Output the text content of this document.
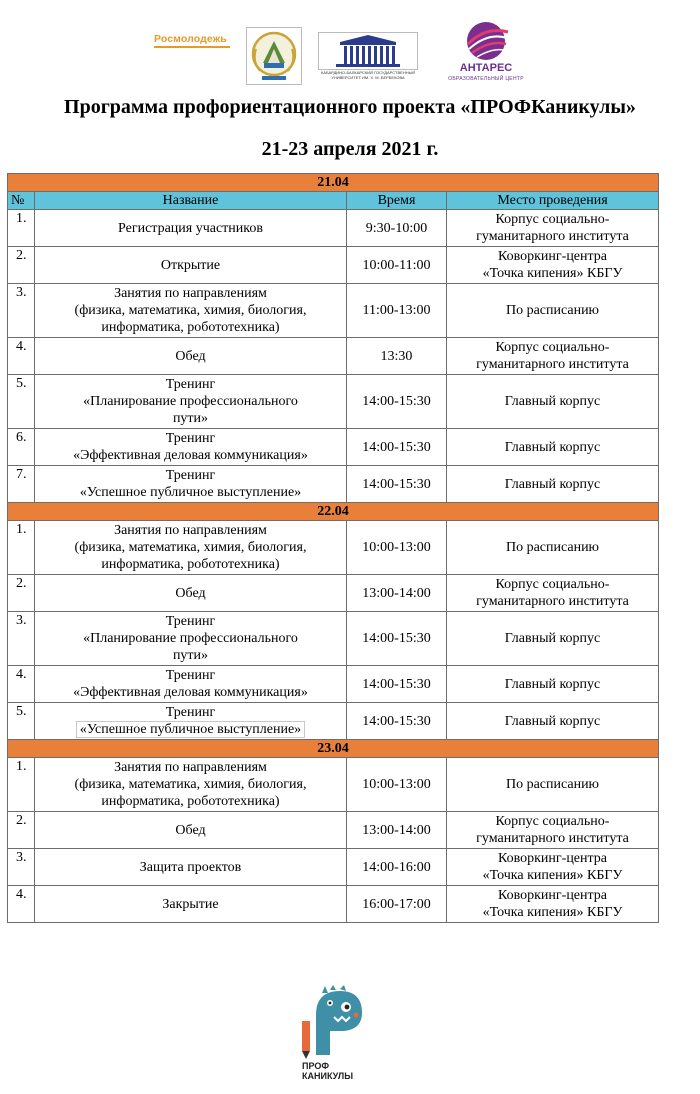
Росмолодежь
КАБАРДИНО-БАЛКАРСКИЙ ГОСУДАРСТВЕННЫЙ УНИВЕРСИТЕТ ИМ. Х. М. БЕРБЕКОВА
АНТАРЕС
ОБРАЗОВАТЕЛЬНЫЙ ЦЕНТР
Программа профориентационного проекта «ПРОФКаникулы»
21-23 апреля 2021 г.
21.04			
№	Название	Время	Место проведения
1.	Регистрация участников	9:30-10:00	Корпус социально-
гуманитарного института

2.	Открытие	10:00-11:00	Коворкинг-центра
«Точка кипения» КБГУ

3.	Занятия по направлениям
(физика, математика, химия, биология,
информатика, робототехника)	11:00-13:00	По расписанию

4.	Обед	13:30	Корпус социально-
гуманитарного института

5.	Тренинг
«Планирование профессионального
пути»	14:00-15:30	Главный корпус

6.	Тренинг
«Эффективная деловая коммуникация»	14:00-15:30	Главный корпус

7.	Тренинг
«Успешное публичное выступление»	14:00-15:30	Главный корпус

22.04			
1.	Занятия по направлениям
(физика, математика, химия, биология,
информатика, робототехника)	10:00-13:00	По расписанию

2.	Обед	13:00-14:00	Корпус социально-
гуманитарного института

3.	Тренинг
«Планирование профессионального
пути»	14:00-15:30	Главный корпус

4.	Тренинг
«Эффективная деловая коммуникация»	14:00-15:30	Главный корпус

5.	Тренинг
«Успешное публичное выступление»	14:00-15:30	Главный корпус

23.04			
1.	Занятия по направлениям
(физика, математика, химия, биология,
информатика, робототехника)	10:00-13:00	По расписанию

2.	Обед	13:00-14:00	Корпус социально-
гуманитарного института

3.	Защита проектов	14:00-16:00	Коворкинг-центра
«Точка кипения» КБГУ

4.	Закрытие	16:00-17:00	Коворкинг-центра
«Точка кипения» КБГУ
ПРОФ
КАНИКУЛЫ
